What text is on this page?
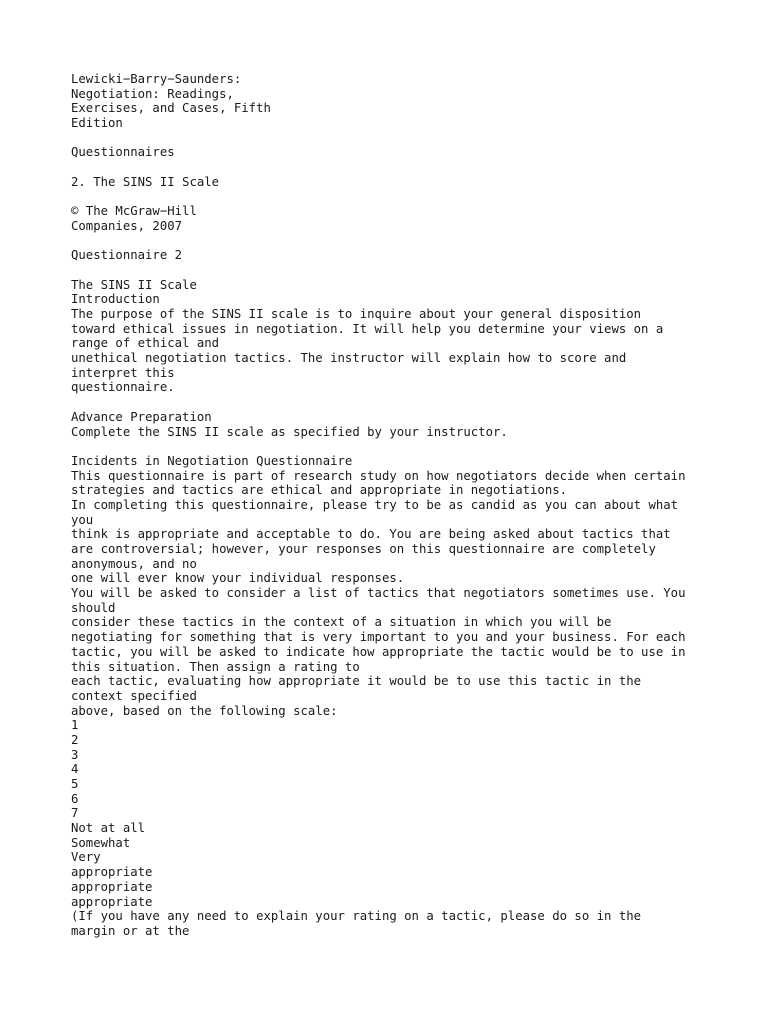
Lewicki−Barry−Saunders:
Negotiation: Readings,
Exercises, and Cases, Fifth
Edition
Questionnaires
2. The SINS II Scale
© The McGraw−Hill
Companies, 2007
Questionnaire 2
The SINS II Scale
Introduction
The purpose of the SINS II scale is to inquire about your general disposition
toward ethical issues in negotiation. It will help you determine your views on a
range of ethical and
unethical negotiation tactics. The instructor will explain how to score and
interpret this
questionnaire.
Advance Preparation
Complete the SINS II scale as specified by your instructor.
Incidents in Negotiation Questionnaire
This questionnaire is part of research study on how negotiators decide when certain
strategies and tactics are ethical and appropriate in negotiations.
In completing this questionnaire, please try to be as candid as you can about what
you
think is appropriate and acceptable to do. You are being asked about tactics that
are controversial; however, your responses on this questionnaire are completely
anonymous, and no
one will ever know your individual responses.
You will be asked to consider a list of tactics that negotiators sometimes use. You
should
consider these tactics in the context of a situation in which you will be
negotiating for something that is very important to you and your business. For each
tactic, you will be asked to indicate how appropriate the tactic would be to use in
this situation. Then assign a rating to
each tactic, evaluating how appropriate it would be to use this tactic in the
context specified
above, based on the following scale:
1
2
3
4
5
6
7
Not at all
Somewhat
Very
appropriate
appropriate
appropriate
(If you have any need to explain your rating on a tactic, please do so in the
margin or at the
